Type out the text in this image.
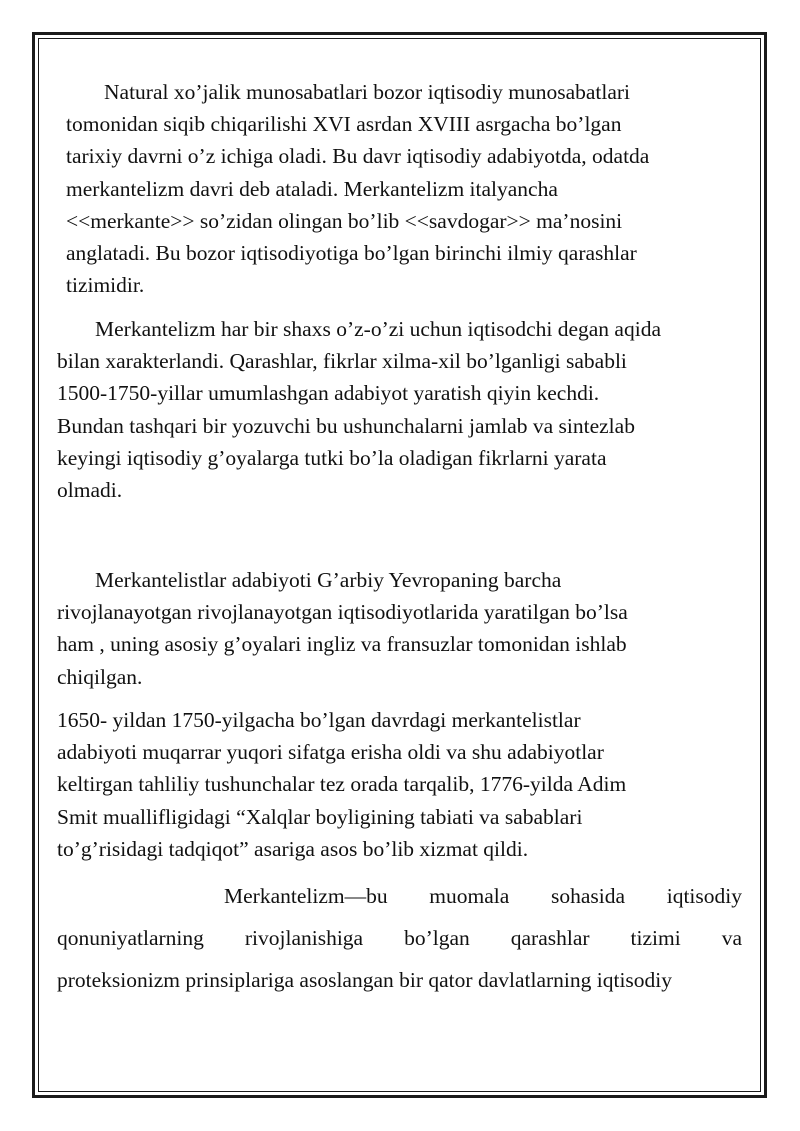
Natural xo’jalik munosabatlari bozor iqtisodiy munosabatlari
tomonidan siqib chiqarilishi XVI asrdan XVIII asrgacha bo’lgan
tarixiy davrni o’z ichiga oladi. Bu davr iqtisodiy adabiyotda, odatda
merkantelizm davri deb ataladi. Merkantelizm italyancha
<<merkante>> so’zidan olingan bo’lib <<savdogar>> ma’nosini
anglatadi. Bu bozor iqtisodiyotiga bo’lgan birinchi ilmiy qarashlar
tizimidir.
Merkantelizm har bir shaxs o’z-o’zi uchun iqtisodchi degan aqida
bilan xarakterlandi. Qarashlar, fikrlar xilma-xil bo’lganligi sababli
1500-1750-yillar umumlashgan adabiyot yaratish qiyin kechdi.
Bundan tashqari bir yozuvchi bu ushunchalarni jamlab va sintezlab
keyingi iqtisodiy g’oyalarga tutki bo’la oladigan fikrlarni yarata
olmadi.
Merkantelistlar adabiyoti G’arbiy Yevropaning barcha
rivojlanayotgan rivojlanayotgan iqtisodiyotlarida yaratilgan bo’lsa
ham , uning asosiy g’oyalari ingliz va fransuzlar tomonidan ishlab
chiqilgan.
1650- yildan 1750-yilgacha bo’lgan davrdagi merkantelistlar
adabiyoti muqarrar yuqori sifatga erisha oldi va shu adabiyotlar
keltirgan tahliliy tushunchalar tez orada tarqalib, 1776-yilda Adim
Smit muallifligidagi “Xalqlar boyligining tabiati va sabablari
to’g’risidagi tadqiqot” asariga asos bo’lib xizmat qildi.
Merkantelizm—bu muomala sohasida iqtisodiy
qonuniyatlarning rivojlanishiga bo’lgan qarashlar tizimi va
proteksionizm prinsiplariga asoslangan bir qator davlatlarning iqtisodiy
